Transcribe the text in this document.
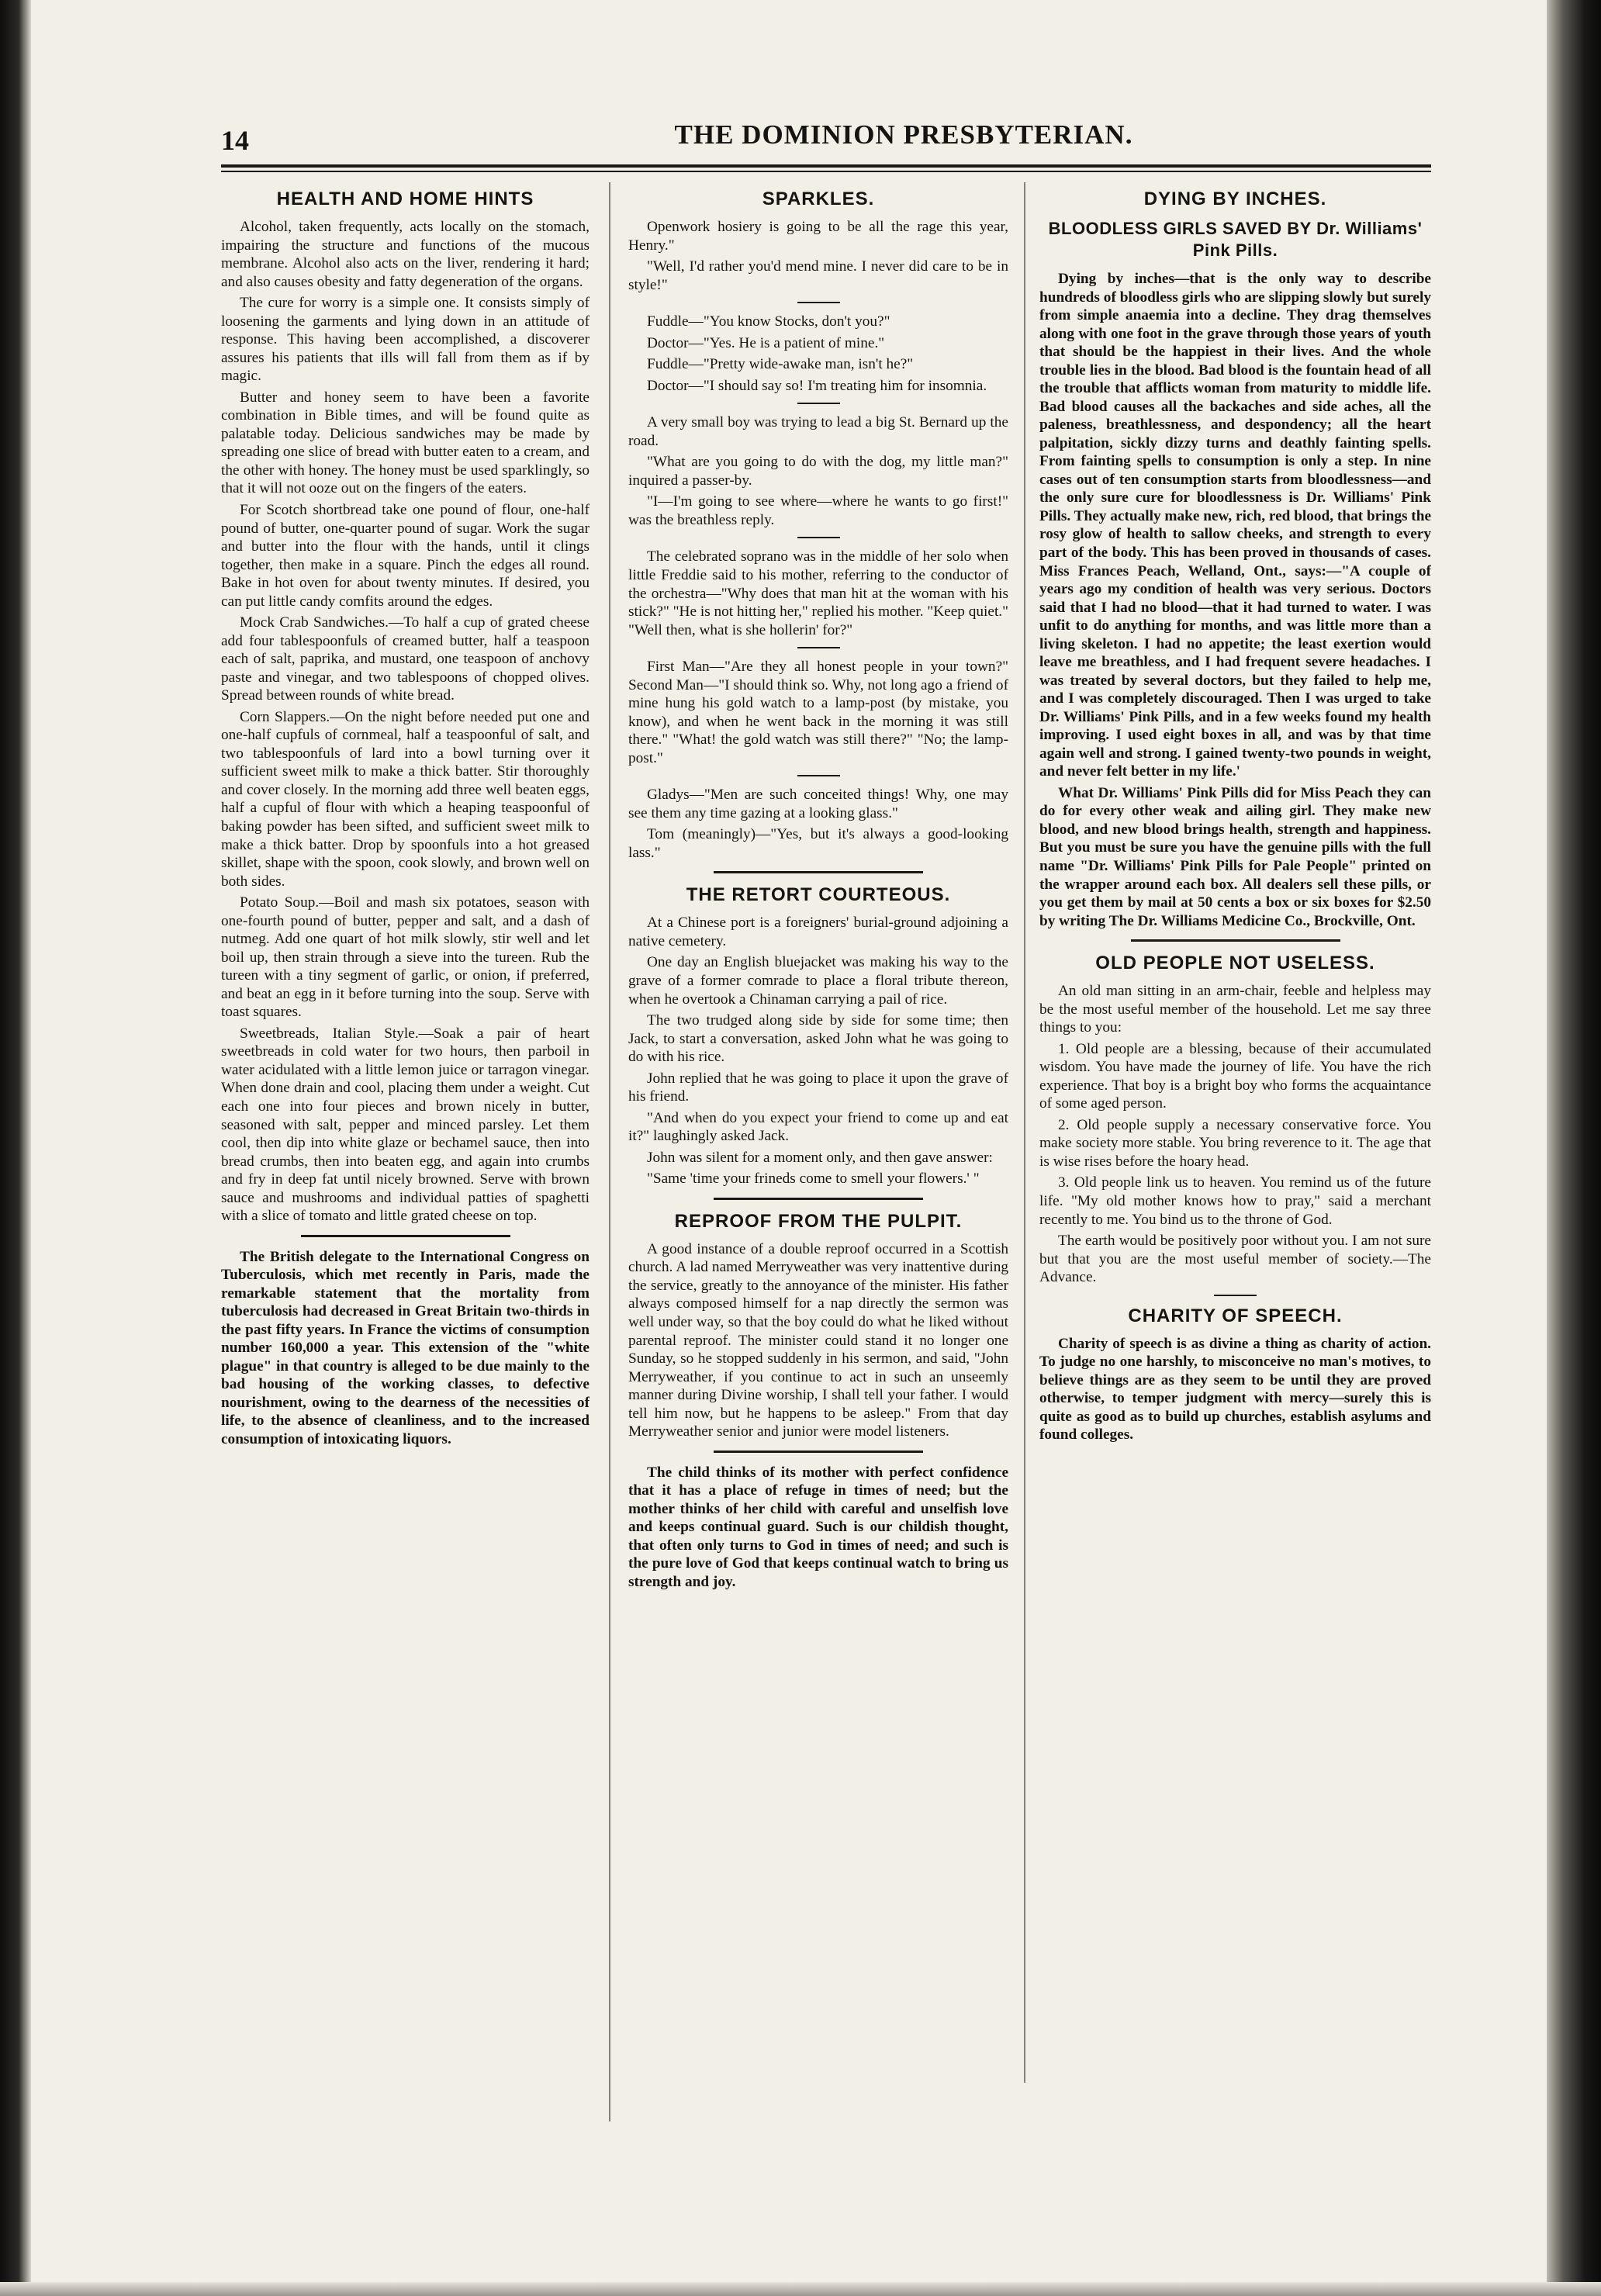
14	THE DOMINION PRESBYTERIAN.
HEALTH AND HOME HINTS

Alcohol, taken frequently, acts locally on the stomach, impairing the structure and functions of the mucous membrane. Alcohol also acts on the liver, rendering it hard; and also causes obesity and fatty degeneration of the organs.

The cure for worry is a simple one. It consists simply of loosening the garments and lying down in an attitude of response. This having been accomplished, a discoverer assures his patients that ills will fall from them as if by magic.

Butter and honey seem to have been a favorite combination in Bible times, and will be found quite as palatable today. Delicious sandwiches may be made by spreading one slice of bread with butter eaten to a cream, and the other with honey. The honey must be used sparklingly, so that it will not ooze out on the fingers of the eaters.

For Scotch shortbread take one pound of flour, one-half pound of butter, one-quarter pound of sugar. Work the sugar and butter into the flour with the hands, until it clings together, then make in a square. Pinch the edges all round. Bake in hot oven for about twenty minutes. If desired, you can put little candy comfits around the edges.

Mock Crab Sandwiches.—To half a cup of grated cheese add four tablespoonfuls of creamed butter, half a teaspoon each of salt, paprika, and mustard, one teaspoon of anchovy paste and vinegar, and two tablespoons of chopped olives. Spread between rounds of white bread.

Corn Slappers.—On the night before needed put one and one-half cupfuls of cornmeal, half a teaspoonful of salt, and two tablespoonfuls of lard into a bowl turning over it sufficient sweet milk to make a thick batter. Stir thoroughly and cover closely. In the morning add three well beaten eggs, half a cupful of flour with which a heaping teaspoonful of baking powder has been sifted, and sufficient sweet milk to make a thick batter. Drop by spoonfuls into a hot greased skillet, shape with the spoon, cook slowly, and brown well on both sides.

Potato Soup.—Boil and mash six potatoes, season with one-fourth pound of butter, pepper and salt, and a dash of nutmeg. Add one quart of hot milk slowly, stir well and let boil up, then strain through a sieve into the tureen. Rub the tureen with a tiny segment of garlic, or onion, if preferred, and beat an egg in it before turning into the soup. Serve with toast squares.

Sweetbreads, Italian Style.—Soak a pair of heart sweetbreads in cold water for two hours, then parboil in water acidulated with a little lemon juice or tarragon vinegar. When done drain and cool, placing them under a weight. Cut each one into four pieces and brown nicely in butter, seasoned with salt, pepper and minced parsley. Let them cool, then dip into white glaze or bechamel sauce, then into bread crumbs, then into beaten egg, and again into crumbs and fry in deep fat until nicely browned. Serve with brown sauce and mushrooms and individual patties of spaghetti with a slice of tomato and little grated cheese on top.

The British delegate to the International Congress on Tuberculosis, which met recently in Paris, made the remarkable statement that the mortality from tuberculosis had decreased in Great Britain two-thirds in the past fifty years. In France the victims of consumption number 160,000 a year. This extension of the "white plague" in that country is alleged to be due mainly to the bad housing of the working classes, to defective nourishment, owing to the dearness of the necessities of life, to the absence of cleanliness, and to the increased consumption of intoxicating liquors.

SPARKLES.

Openwork hosiery is going to be all the rage this year, Henry."

"Well, I'd rather you'd mend mine. I never did care to be in style!"

Fuddle—"You know Stocks, don't you?"

Doctor—"Yes. He is a patient of mine."

Fuddle—"Pretty wide-awake man, isn't he?"

Doctor—"I should say so! I'm treating him for insomnia.

A very small boy was trying to lead a big St. Bernard up the road.

"What are you going to do with the dog, my little man?" inquired a passer-by.

"I—I'm going to see where—where he wants to go first!" was the breathless reply.

The celebrated soprano was in the middle of her solo when little Freddie said to his mother, referring to the conductor of the orchestra—"Why does that man hit at the woman with his stick?" "He is not hitting her," replied his mother. "Keep quiet." "Well then, what is she hollerin' for?"

First Man—"Are they all honest people in your town?" Second Man—"I should think so. Why, not long ago a friend of mine hung his gold watch to a lamp-post (by mistake, you know), and when he went back in the morning it was still there." "What! the gold watch was still there?" "No; the lamp-post."

Gladys—"Men are such conceited things! Why, one may see them any time gazing at a looking glass."

Tom (meaningly)—"Yes, but it's always a good-looking lass."

THE RETORT COURTEOUS.

At a Chinese port is a foreigners' burial-ground adjoining a native cemetery.

One day an English bluejacket was making his way to the grave of a former comrade to place a floral tribute thereon, when he overtook a Chinaman carrying a pail of rice.

The two trudged along side by side for some time; then Jack, to start a conversation, asked John what he was going to do with his rice.

John replied that he was going to place it upon the grave of his friend.

"And when do you expect your friend to come up and eat it?" laughingly asked Jack.

John was silent for a moment only, and then gave answer:

"Same 'time your frineds come to smell your flowers.' "

REPROOF FROM THE PULPIT.

A good instance of a double reproof occurred in a Scottish church. A lad named Merryweather was very inattentive during the service, greatly to the annoyance of the minister. His father always composed himself for a nap directly the sermon was well under way, so that the boy could do what he liked without parental reproof. The minister could stand it no longer one Sunday, so he stopped suddenly in his sermon, and said, "John Merryweather, if you continue to act in such an unseemly manner during Divine worship, I shall tell your father. I would tell him now, but he happens to be asleep." From that day Merryweather senior and junior were model listeners.

The child thinks of its mother with perfect confidence that it has a place of refuge in times of need; but the mother thinks of her child with careful and unselfish love and keeps continual guard. Such is our childish thought, that often only turns to God in times of need; and such is the pure love of God that keeps continual watch to bring us strength and joy.

DYING BY INCHES.
BLOODLESS GIRLS SAVED BY Dr. Williams' Pink Pills.

Dying by inches—that is the only way to describe hundreds of bloodless girls who are slipping slowly but surely from simple anaemia into a decline. They drag themselves along with one foot in the grave through those years of youth that should be the happiest in their lives. And the whole trouble lies in the blood. Bad blood is the fountain head of all the trouble that afflicts woman from maturity to middle life. Bad blood causes all the backaches and side aches, all the paleness, breathlessness, and despondency; all the heart palpitation, sickly dizzy turns and deathly fainting spells. From fainting spells to consumption is only a step. In nine cases out of ten consumption starts from bloodlessness—and the only sure cure for bloodlessness is Dr. Williams' Pink Pills. They actually make new, rich, red blood, that brings the rosy glow of health to sallow cheeks, and strength to every part of the body. This has been proved in thousands of cases. Miss Frances Peach, Welland, Ont., says:—"A couple of years ago my condition of health was very serious. Doctors said that I had no blood—that it had turned to water. I was unfit to do anything for months, and was little more than a living skeleton. I had no appetite; the least exertion would leave me breathless, and I had frequent severe headaches. I was treated by several doctors, but they failed to help me, and I was completely discouraged. Then I was urged to take Dr. Williams' Pink Pills, and in a few weeks found my health improving. I used eight boxes in all, and was by that time again well and strong. I gained twenty-two pounds in weight, and never felt better in my life.'

What Dr. Williams' Pink Pills did for Miss Peach they can do for every other weak and ailing girl. They make new blood, and new blood brings health, strength and happiness. But you must be sure you have the genuine pills with the full name "Dr. Williams' Pink Pills for Pale People" printed on the wrapper around each box. All dealers sell these pills, or you get them by mail at 50 cents a box or six boxes for $2.50 by writing The Dr. Williams Medicine Co., Brockville, Ont.

OLD PEOPLE NOT USELESS.

An old man sitting in an arm-chair, feeble and helpless may be the most useful member of the household. Let me say three things to you:

1. Old people are a blessing, because of their accumulated wisdom. You have made the journey of life. You have the rich experience. That boy is a bright boy who forms the acquaintance of some aged person.

2. Old people supply a necessary conservative force. You make society more stable. You bring reverence to it. The age that is wise rises before the hoary head.

3. Old people link us to heaven. You remind us of the future life. "My old mother knows how to pray," said a merchant recently to me. You bind us to the throne of God.

The earth would be positively poor without you. I am not sure but that you are the most useful member of society.—The Advance.

CHARITY OF SPEECH.

Charity of speech is as divine a thing as charity of action. To judge no one harshly, to misconceive no man's motives, to believe things are as they seem to be until they are proved otherwise, to temper judgment with mercy—surely this is quite as good as to build up churches, establish asylums and found colleges.
